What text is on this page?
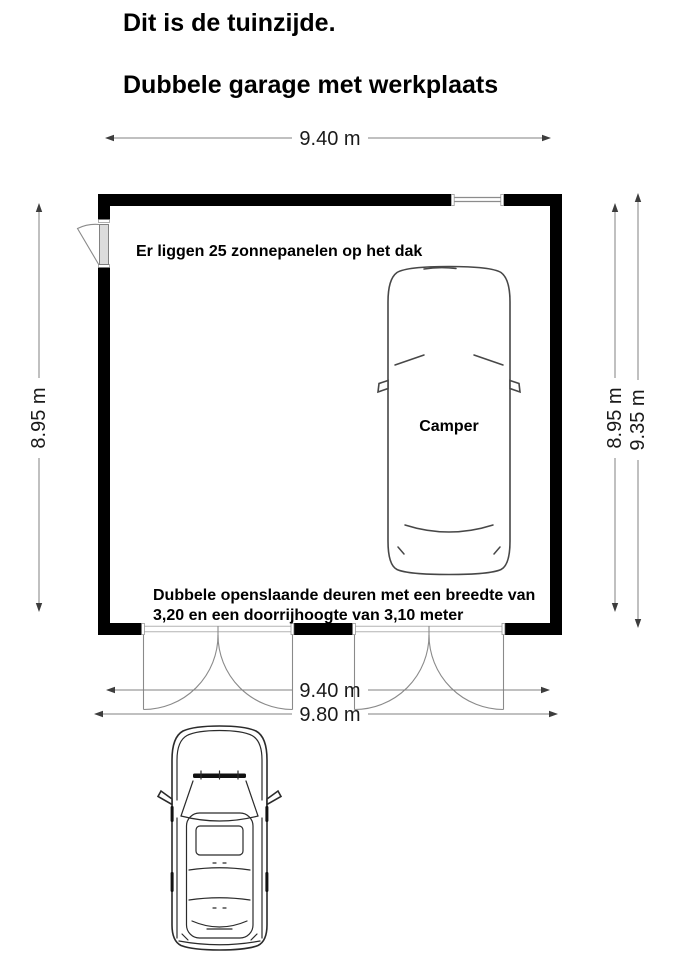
Dit is de tuinzijde.
Dubbele garage met werkplaats
9.40 m
Camper
Er liggen 25 zonnepanelen op het dak
Dubbele openslaande deuren met een breedte van
3,20 en een doorrijhoogte van 3,10 meter
8.95 m	8.95 m 9.35 m
9.40 m
9.80 m
